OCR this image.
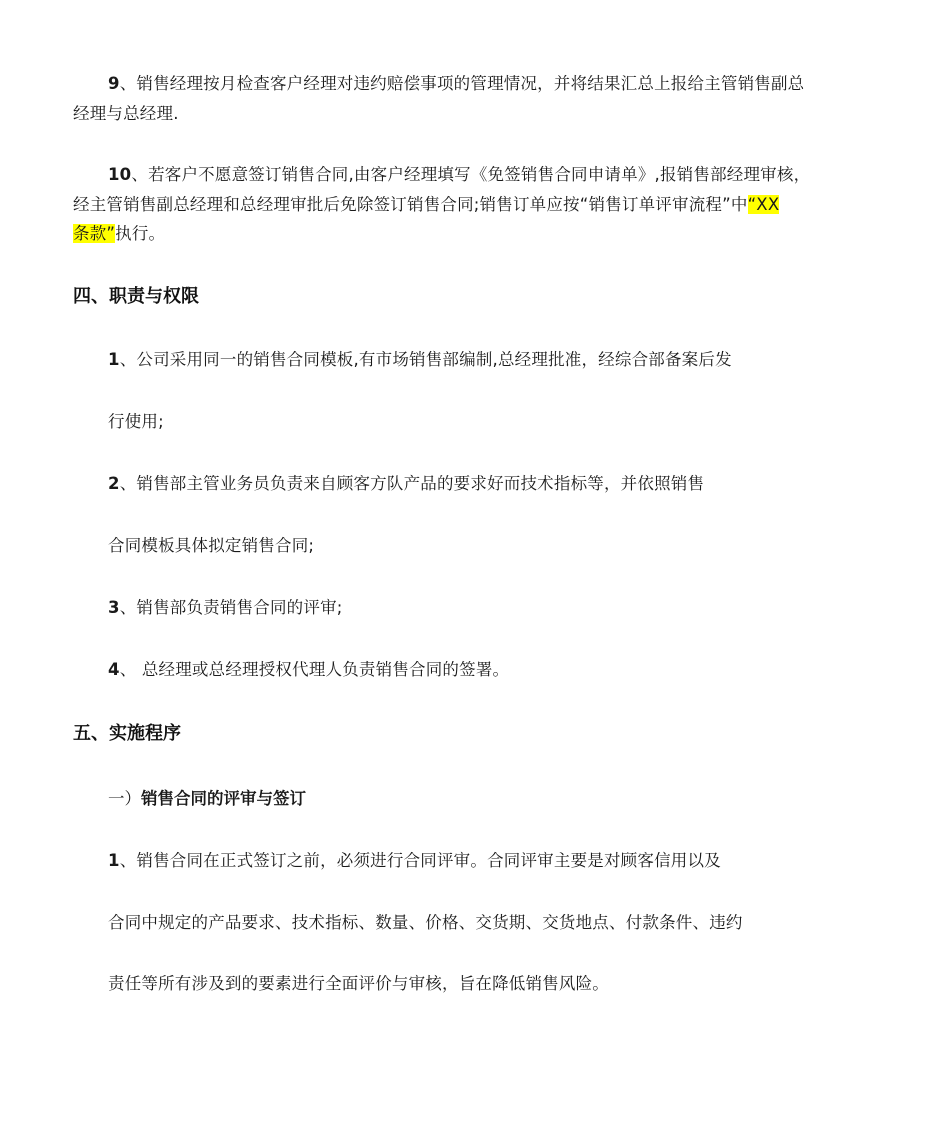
9、销售经理按月检查客户经理对违约赔偿事项的管理情况，并将结果汇总上报给主管销售副总
经理与总经理.
10、若客户不愿意签订销售合同,由客户经理填写《免签销售合同申请单》,报销售部经理审核，
经主管销售副总经理和总经理审批后免除签订销售合同;销售订单应按“销售订单评审流程”中“XX
条款”执行。
四、职责与权限
1、公司采用同一的销售合同模板,有市场销售部编制,总经理批准，经综合部备案后发
行使用;
2、销售部主管业务员负责来自顾客方队产品的要求好而技术指标等，并依照销售
合同模板具体拟定销售合同;
3、销售部负责销售合同的评审;
4、 总经理或总经理授权代理人负责销售合同的签署。
五、实施程序
一）销售合同的评审与签订
1、销售合同在正式签订之前，必须进行合同评审。合同评审主要是对顾客信用以及
合同中规定的产品要求、技术指标、数量、价格、交货期、交货地点、付款条件、违约
责任等所有涉及到的要素进行全面评价与审核，旨在降低销售风险。
